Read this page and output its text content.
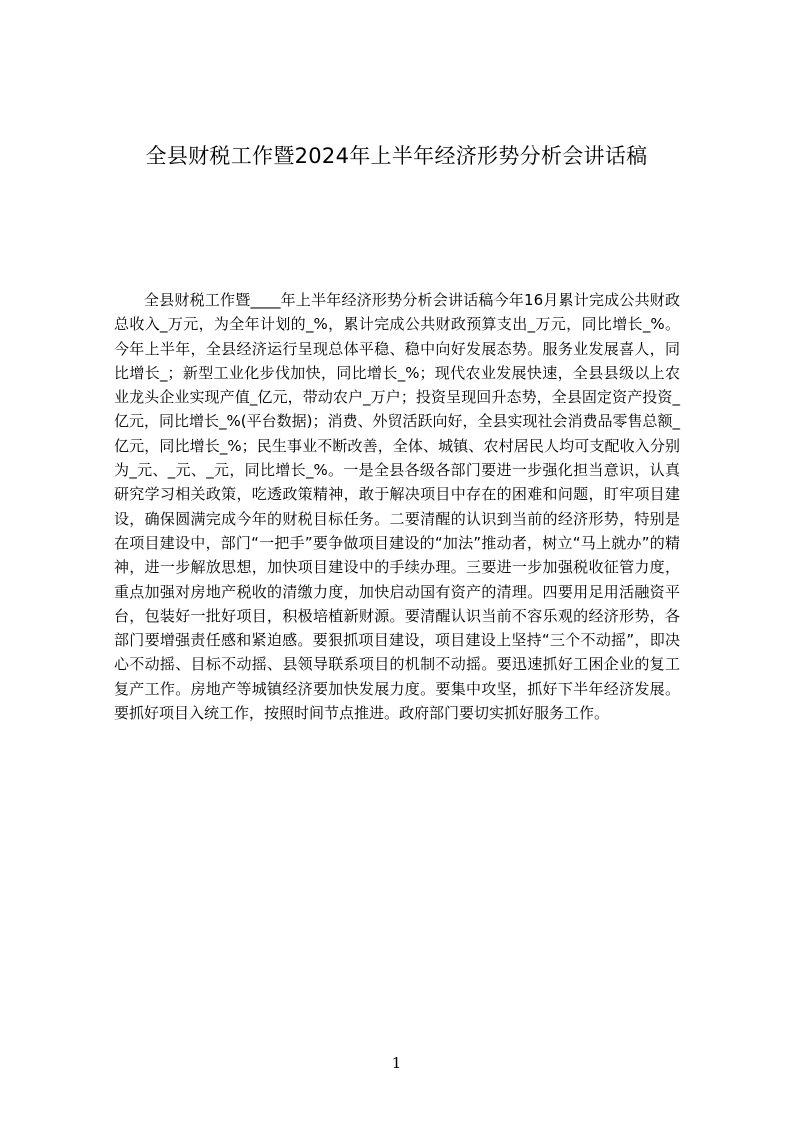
全县财税工作暨2024年上半年经济形势分析会讲话稿

全县财税工作暨____年上半年经济形势分析会讲话稿今年16月累计完成公共财政总收入_万元，为全年计划的_%，累计完成公共财政预算支出_万元，同比增长_%。今年上半年，全县经济运行呈现总体平稳、稳中向好发展态势。服务业发展喜人，同比增长_；新型工业化步伐加快，同比增长_%；现代农业发展快速，全县县级以上农业龙头企业实现产值_亿元，带动农户_万户；投资呈现回升态势，全县固定资产投资_亿元，同比增长_%(平台数据)；消费、外贸活跃向好，全县实现社会消费品零售总额_亿元，同比增长_%；民生事业不断改善，全体、城镇、农村居民人均可支配收入分别为_元、_元、_元，同比增长_%。一是全县各级各部门要进一步强化担当意识，认真研究学习相关政策，吃透政策精神，敢于解决项目中存在的困难和问题，盯牢项目建设，确保圆满完成今年的财税目标任务。二要清醒的认识到当前的经济形势，特别是在项目建设中，部门“一把手”要争做项目建设的“加法”推动者，树立“马上就办”的精神，进一步解放思想，加快项目建设中的手续办理。三要进一步加强税收征管力度，重点加强对房地产税收的清缴力度，加快启动国有资产的清理。四要用足用活融资平台，包装好一批好项目，积极培植新财源。要清醒认识当前不容乐观的经济形势，各部门要增强责任感和紧迫感。要狠抓项目建设，项目建设上坚持“三个不动摇”，即决心不动摇、目标不动摇、县领导联系项目的机制不动摇。要迅速抓好工困企业的复工复产工作。房地产等城镇经济要加快发展力度。要集中攻坚，抓好下半年经济发展。要抓好项目入统工作，按照时间节点推进。政府部门要切实抓好服务工作。

1
